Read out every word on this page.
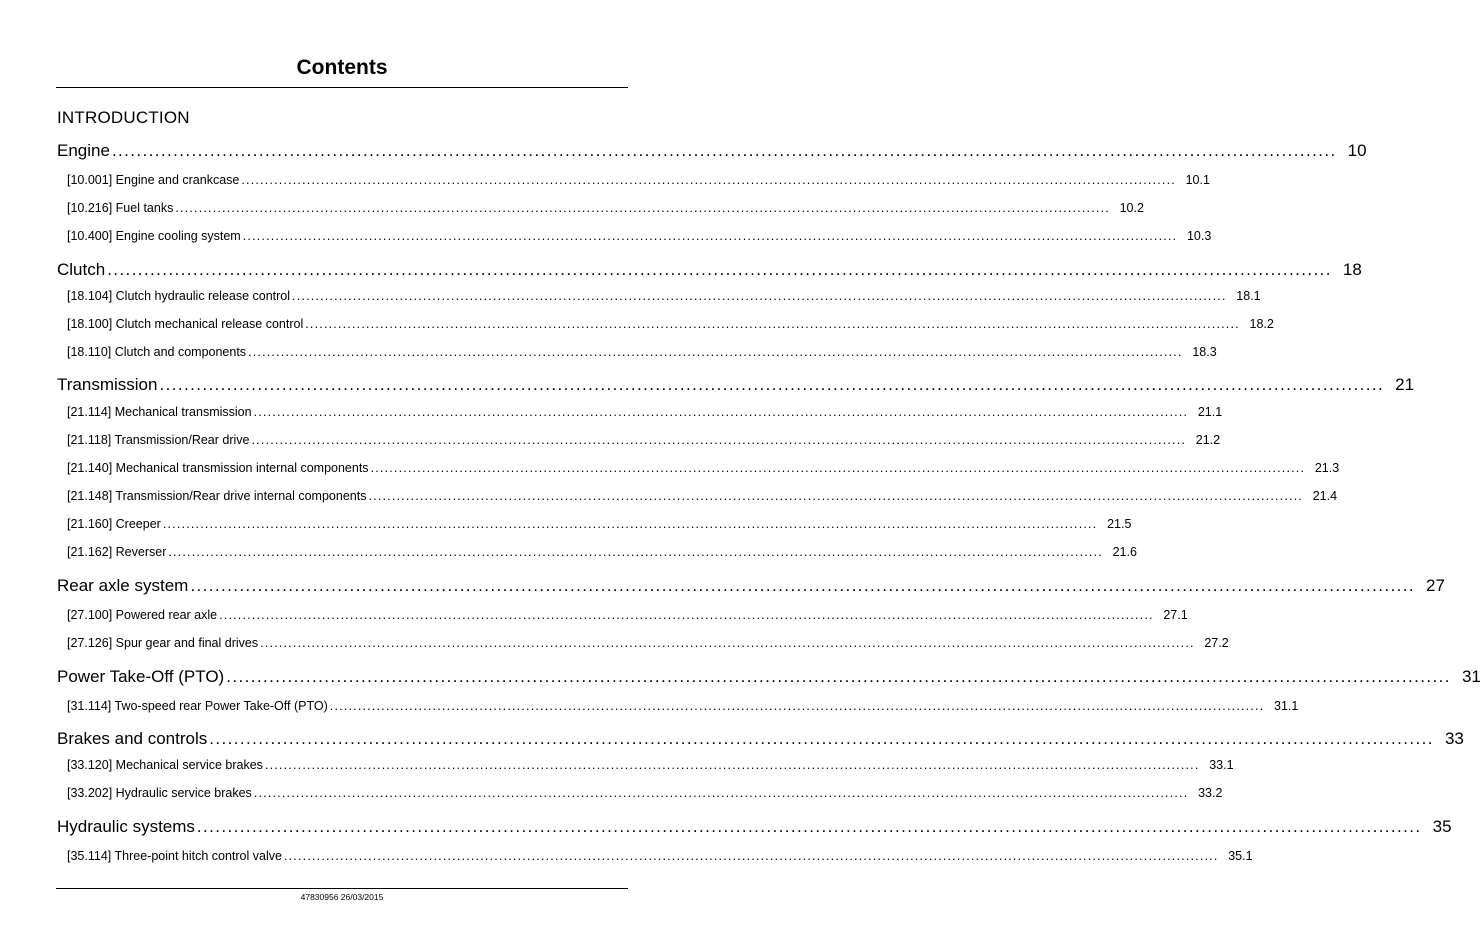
Contents
INTRODUCTION
Engine ........................................................................................................................................................................................................ 10
[10.001] Engine and crankcase ........................................................................................................................................................................................................ 10.1
[10.216] Fuel tanks ........................................................................................................................................................................................................ 10.2
[10.400] Engine cooling system ........................................................................................................................................................................................................ 10.3
Clutch ........................................................................................................................................................................................................ 18
[18.104] Clutch hydraulic release control ........................................................................................................................................................................................................ 18.1
[18.100] Clutch mechanical release control ........................................................................................................................................................................................................ 18.2
[18.110] Clutch and components ........................................................................................................................................................................................................ 18.3
Transmission ........................................................................................................................................................................................................ 21
[21.114] Mechanical transmission ........................................................................................................................................................................................................ 21.1
[21.118] Transmission/Rear drive ........................................................................................................................................................................................................ 21.2
[21.140] Mechanical transmission internal components ........................................................................................................................................................................................................ 21.3
[21.148] Transmission/Rear drive internal components ........................................................................................................................................................................................................ 21.4
[21.160] Creeper ........................................................................................................................................................................................................ 21.5
[21.162] Reverser ........................................................................................................................................................................................................ 21.6
Rear axle system ........................................................................................................................................................................................................ 27
[27.100] Powered rear axle ........................................................................................................................................................................................................ 27.1
[27.126] Spur gear and final drives ........................................................................................................................................................................................................ 27.2
Power Take-Off (PTO) ........................................................................................................................................................................................................ 31
[31.114] Two-speed rear Power Take-Off (PTO) ........................................................................................................................................................................................................ 31.1
Brakes and controls ........................................................................................................................................................................................................ 33
[33.120] Mechanical service brakes ........................................................................................................................................................................................................ 33.1
[33.202] Hydraulic service brakes ........................................................................................................................................................................................................ 33.2
Hydraulic systems ........................................................................................................................................................................................................ 35
[35.114] Three-point hitch control valve ........................................................................................................................................................................................................ 35.1
47830956 26/03/2015
